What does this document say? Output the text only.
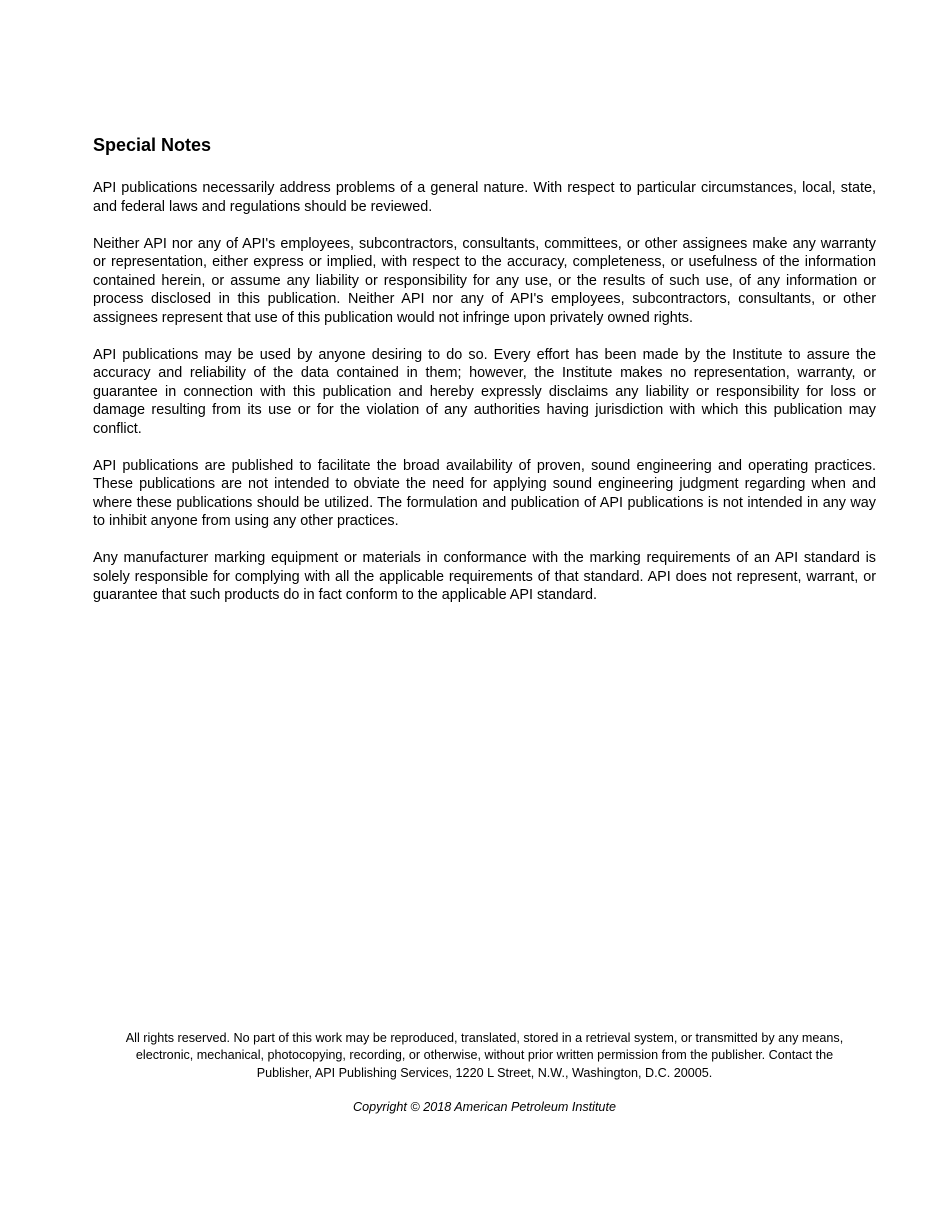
Special Notes

API publications necessarily address problems of a general nature. With respect to particular circumstances, local, state, and federal laws and regulations should be reviewed.

Neither API nor any of API's employees, subcontractors, consultants, committees, or other assignees make any warranty or representation, either express or implied, with respect to the accuracy, completeness, or usefulness of the information contained herein, or assume any liability or responsibility for any use, or the results of such use, of any information or process disclosed in this publication. Neither API nor any of API's employees, subcontractors, consultants, or other assignees represent that use of this publication would not infringe upon privately owned rights.

API publications may be used by anyone desiring to do so. Every effort has been made by the Institute to assure the accuracy and reliability of the data contained in them; however, the Institute makes no representation, warranty, or guarantee in connection with this publication and hereby expressly disclaims any liability or responsibility for loss or damage resulting from its use or for the violation of any authorities having jurisdiction with which this publication may conflict.

API publications are published to facilitate the broad availability of proven, sound engineering and operating practices. These publications are not intended to obviate the need for applying sound engineering judgment regarding when and where these publications should be utilized. The formulation and publication of API publications is not intended in any way to inhibit anyone from using any other practices.

Any manufacturer marking equipment or materials in conformance with the marking requirements of an API standard is solely responsible for complying with all the applicable requirements of that standard. API does not represent, warrant, or guarantee that such products do in fact conform to the applicable API standard.

All rights reserved. No part of this work may be reproduced, translated, stored in a retrieval system, or transmitted by any means,
electronic, mechanical, photocopying, recording, or otherwise, without prior written permission from the publisher. Contact the
Publisher, API Publishing Services, 1220 L Street, N.W., Washington, D.C. 20005.

Copyright © 2018 American Petroleum Institute
